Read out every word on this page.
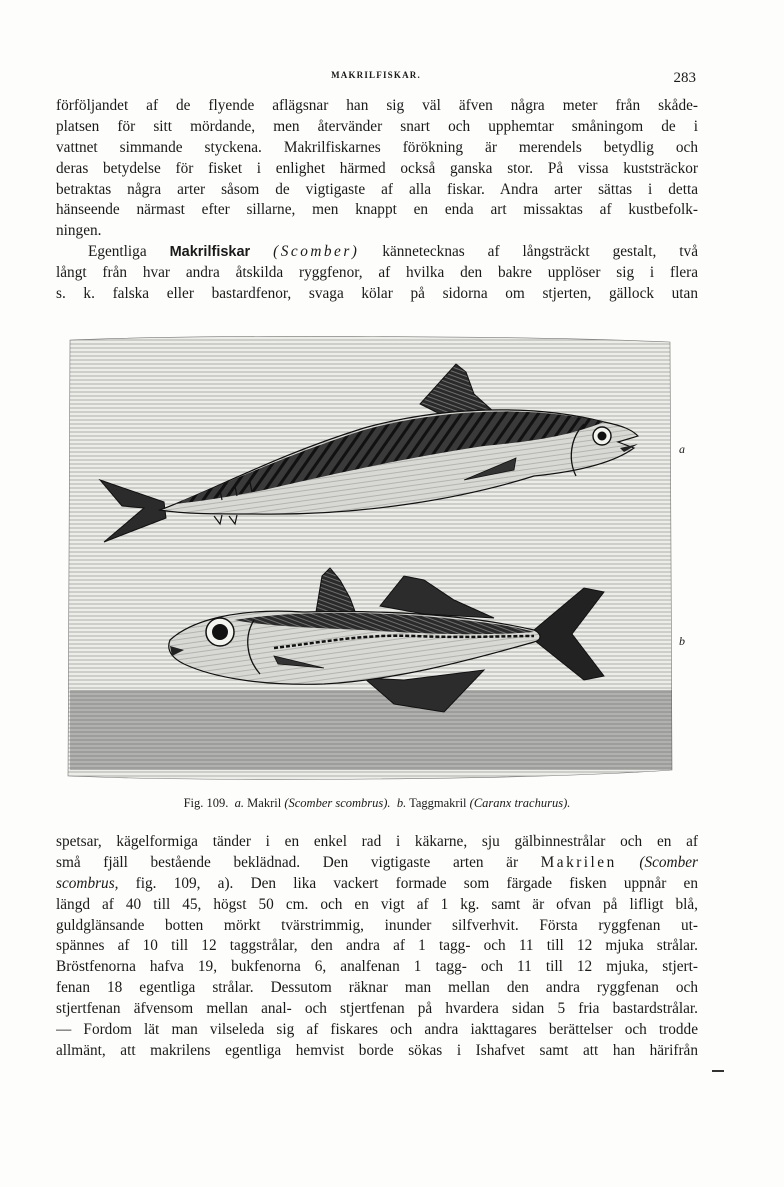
MAKRILFISKAR.	283
förföljandet af de flyende aflägsnar han sig väl äfven några meter från skåde-
platsen för sitt mördande, men återvänder snart och upphemtar småningom de i
vattnet simmande styckena. Makrilfiskarnes förökning är merendels betydlig och
deras betydelse för fisket i enlighet härmed också ganska stor. På vissa kuststräckor
betraktas några arter såsom de vigtigaste af alla fiskar. Andra arter sättas i detta
hänseende närmast efter sillarne, men knappt en enda art missaktas af kustbefolk-
ningen.
Egentliga Makrilfiskar (Scomber) kännetecknas af långsträckt gestalt, två
långt från hvar andra åtskilda ryggfenor, af hvilka den bakre upplöser sig i flera
s. k. falska eller bastardfenor, svaga kölar på sidorna om stjerten, gällock utan
a
b
Fig. 109. a. Makril (Scomber scombrus). b. Taggmakril (Caranx trachurus).
spetsar, kägelformiga tänder i en enkel rad i käkarne, sju gälbinnestrålar och en af
små fjäll bestående beklädnad. Den vigtigaste arten är Makrilen (Scomber
scombrus, fig. 109, a). Den lika vackert formade som färgade fisken uppnår en
längd af 40 till 45, högst 50 cm. och en vigt af 1 kg. samt är ofvan på lifligt blå,
guldglänsande botten mörkt tvärstrimmig, inunder silfverhvit. Första ryggfenan ut-
spännes af 10 till 12 taggstrålar, den andra af 1 tagg- och 11 till 12 mjuka strålar.
Bröstfenorna hafva 19, bukfenorna 6, analfenan 1 tagg- och 11 till 12 mjuka, stjert-
fenan 18 egentliga strålar. Dessutom räknar man mellan den andra ryggfenan och
stjertfenan äfvensom mellan anal- och stjertfenan på hvardera sidan 5 fria bastardstrålar.
— Fordom lät man vilseleda sig af fiskares och andra iakttagares berättelser och trodde
allmänt, att makrilens egentliga hemvist borde sökas i Ishafvet samt att han härifrån
